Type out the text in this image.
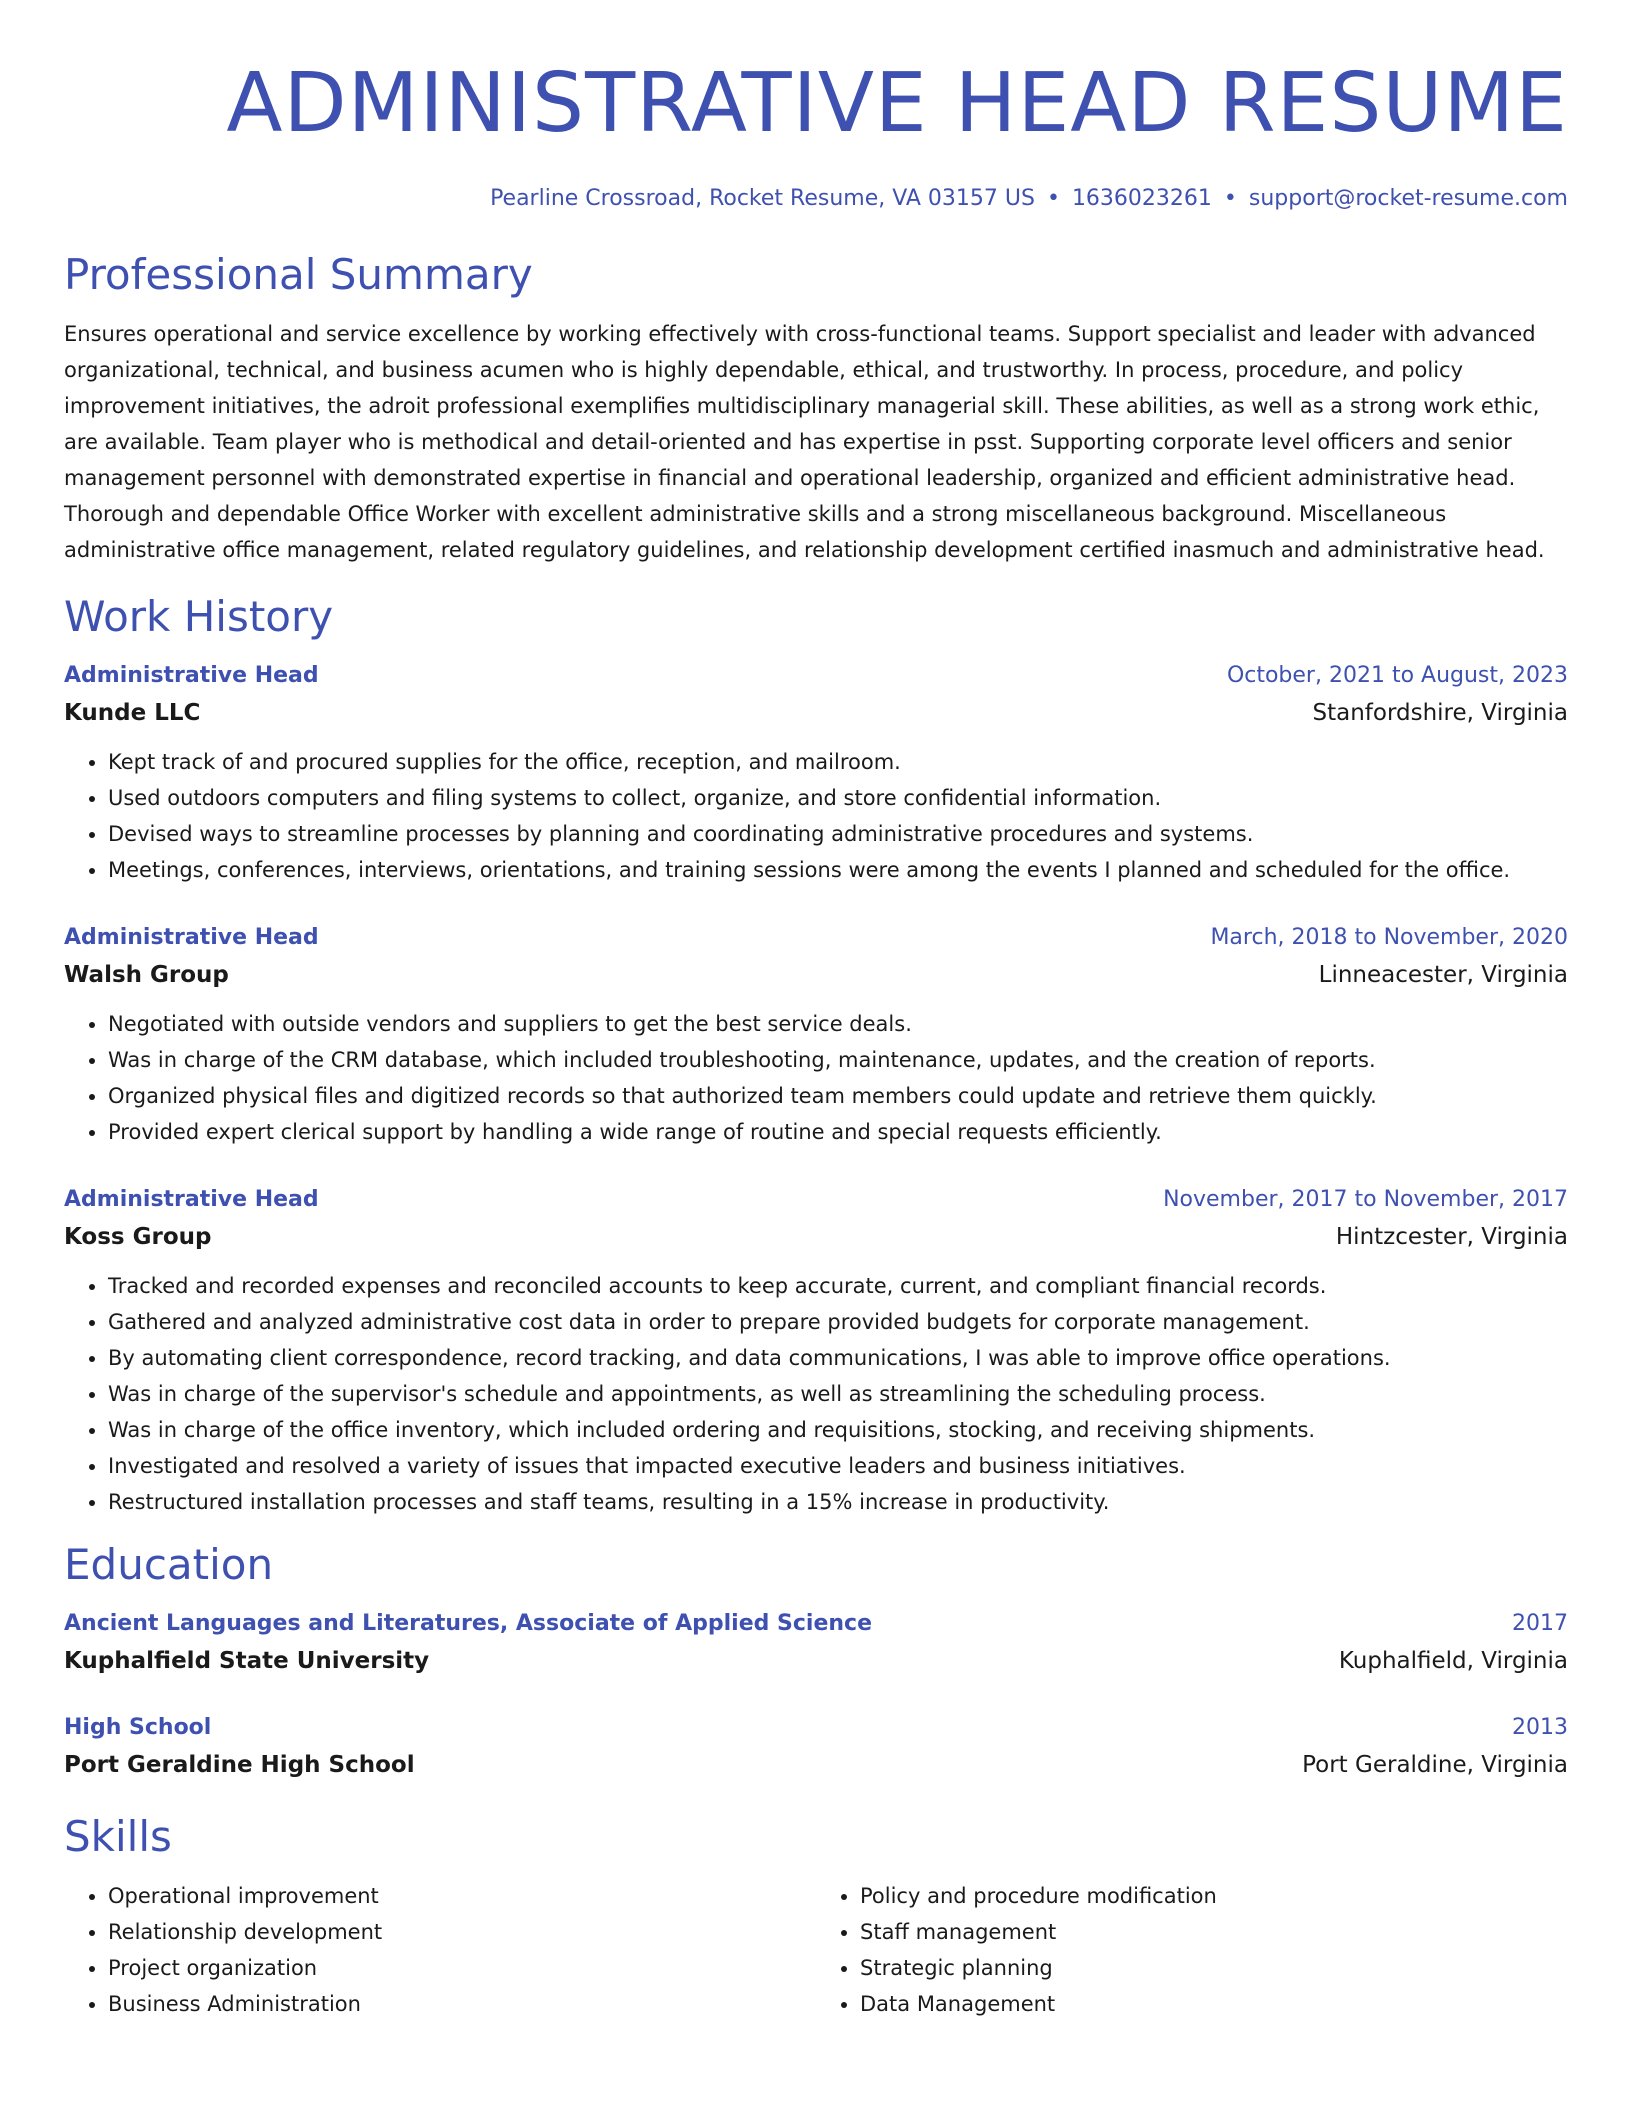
ADMINISTRATIVE HEAD RESUME
Pearline Crossroad, Rocket Resume, VA 03157 US • 1636023261 • support@rocket-resume.com
Professional Summary

Ensures operational and service excellence by working effectively with cross-functional teams. Support specialist and leader with advanced organizational, technical, and business acumen who is highly dependable, ethical, and trustworthy. In process, procedure, and policy improvement initiatives, the adroit professional exemplifies multidisciplinary managerial skill. These abilities, as well as a strong work ethic, are available. Team player who is methodical and detail-oriented and has expertise in psst. Supporting corporate level officers and senior management personnel with demonstrated expertise in financial and operational leadership, organized and efficient administrative head. Thorough and dependable Office Worker with excellent administrative skills and a strong miscellaneous background. Miscellaneous administrative office management, related regulatory guidelines, and relationship development certified inasmuch and administrative head.

Work History
Administrative Head	October, 2021 to August, 2023
Kunde LLC	Stanfordshire, Virginia
• Kept track of and procured supplies for the office, reception, and mailroom.
• Used outdoors computers and filing systems to collect, organize, and store confidential information.
• Devised ways to streamline processes by planning and coordinating administrative procedures and systems.
• Meetings, conferences, interviews, orientations, and training sessions were among the events I planned and scheduled for the office.
Administrative Head	March, 2018 to November, 2020
Walsh Group	Linneacester, Virginia
• Negotiated with outside vendors and suppliers to get the best service deals.
• Was in charge of the CRM database, which included troubleshooting, maintenance, updates, and the creation of reports.
• Organized physical files and digitized records so that authorized team members could update and retrieve them quickly.
• Provided expert clerical support by handling a wide range of routine and special requests efficiently.
Administrative Head	November, 2017 to November, 2017
Koss Group	Hintzcester, Virginia
• Tracked and recorded expenses and reconciled accounts to keep accurate, current, and compliant financial records.
• Gathered and analyzed administrative cost data in order to prepare provided budgets for corporate management.
• By automating client correspondence, record tracking, and data communications, I was able to improve office operations.
• Was in charge of the supervisor's schedule and appointments, as well as streamlining the scheduling process.
• Was in charge of the office inventory, which included ordering and requisitions, stocking, and receiving shipments.
• Investigated and resolved a variety of issues that impacted executive leaders and business initiatives.
• Restructured installation processes and staff teams, resulting in a 15% increase in productivity.
Education
Ancient Languages and Literatures, Associate of Applied Science	2017
Kuphalfield State University	Kuphalfield, Virginia
High School	2013
Port Geraldine High School	Port Geraldine, Virginia
Skills
• Operational improvement
• Relationship development
• Project organization
• Business Administration
• Policy and procedure modification
• Staff management
• Strategic planning
• Data Management
